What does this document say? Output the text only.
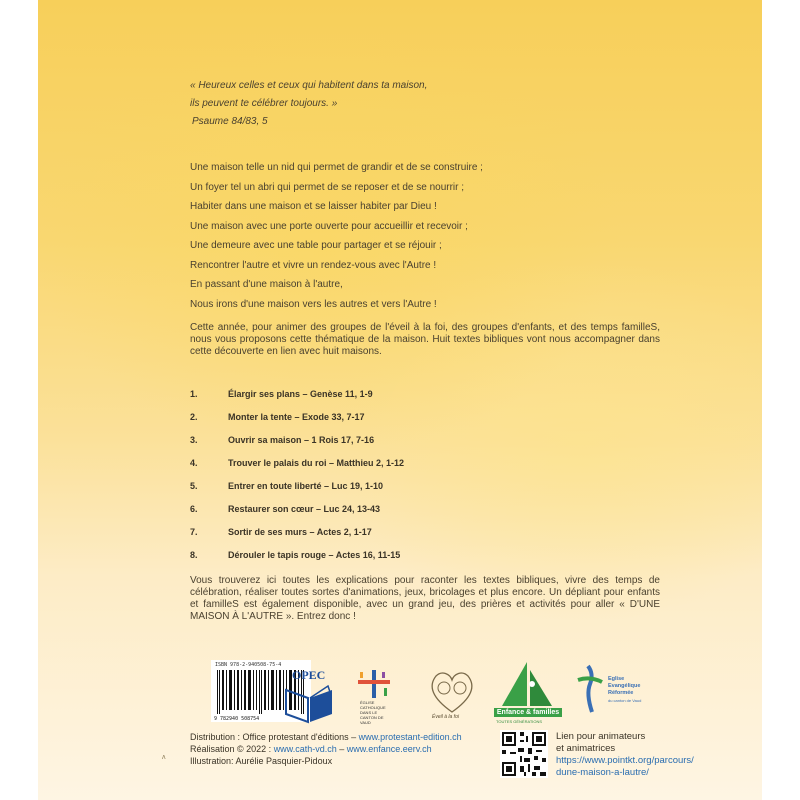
« Heureux celles et ceux qui habitent dans ta maison,
ils peuvent te célébrer toujours. »
Psaume 84/83, 5
Une maison telle un nid qui permet de grandir et de se construire ;
Un foyer tel un abri qui permet de se reposer et de se nourrir ;
Habiter dans une maison et se laisser habiter par Dieu !
Une maison avec une porte ouverte pour accueillir et recevoir ;
Une demeure avec une table pour partager et se réjouir ;
Rencontrer l'autre et vivre un rendez-vous avec l'Autre !
En passant d'une maison à l'autre,
Nous irons d'une maison vers les autres et vers l'Autre !
Cette année, pour animer des groupes de l'éveil à la foi, des groupes d'enfants, et des temps familleS, nous vous proposons cette thématique de la maison. Huit textes bibliques vont nous accompagner dans cette découverte en lien avec huit maisons.
1.	Élargir ses plans – Genèse 11, 1-9
2.	Monter la tente – Exode 33, 7-17
3.	Ouvrir sa maison – 1 Rois 17, 7-16
4.	Trouver le palais du roi – Matthieu 2, 1-12
5.	Entrer en toute liberté – Luc 19, 1-10
6.	Restaurer son cœur – Luc 24, 13-43
7.	Sortir de ses murs – Actes 2, 1-17
8.	Dérouler le tapis rouge – Actes 16, 11-15
Vous trouverez ici toutes les explications pour raconter les textes bibliques, vivre des temps de célébration, réaliser toutes sortes d'animations, jeux, bricolages et plus encore. Un dépliant pour enfants et familleS est également disponible, avec un grand jeu, des prières et activités pour aller « D'UNE MAISON À L'AUTRE ». Entrez donc !
ISBN 978-2-940508-75-4
9 782940 508754
OPEC
ÉGLISE CATHOLIQUE DANS LE CANTON DE VAUD
Éveil à la foi
Enfance & familles
TOUTES GÉNÉRATIONS
Eglise Evangélique Réformée
du canton de Vaud
Distribution : Office protestant d'éditions – www.protestant-edition.ch
Réalisation © 2022 : www.cath-vd.ch – www.enfance.eerv.ch
Illustration: Aurélie Pasquier-Pidoux
Lien pour animateurs
et animatrices
https://www.pointkt.org/parcours/
dune-maison-a-lautre/
ʌ
